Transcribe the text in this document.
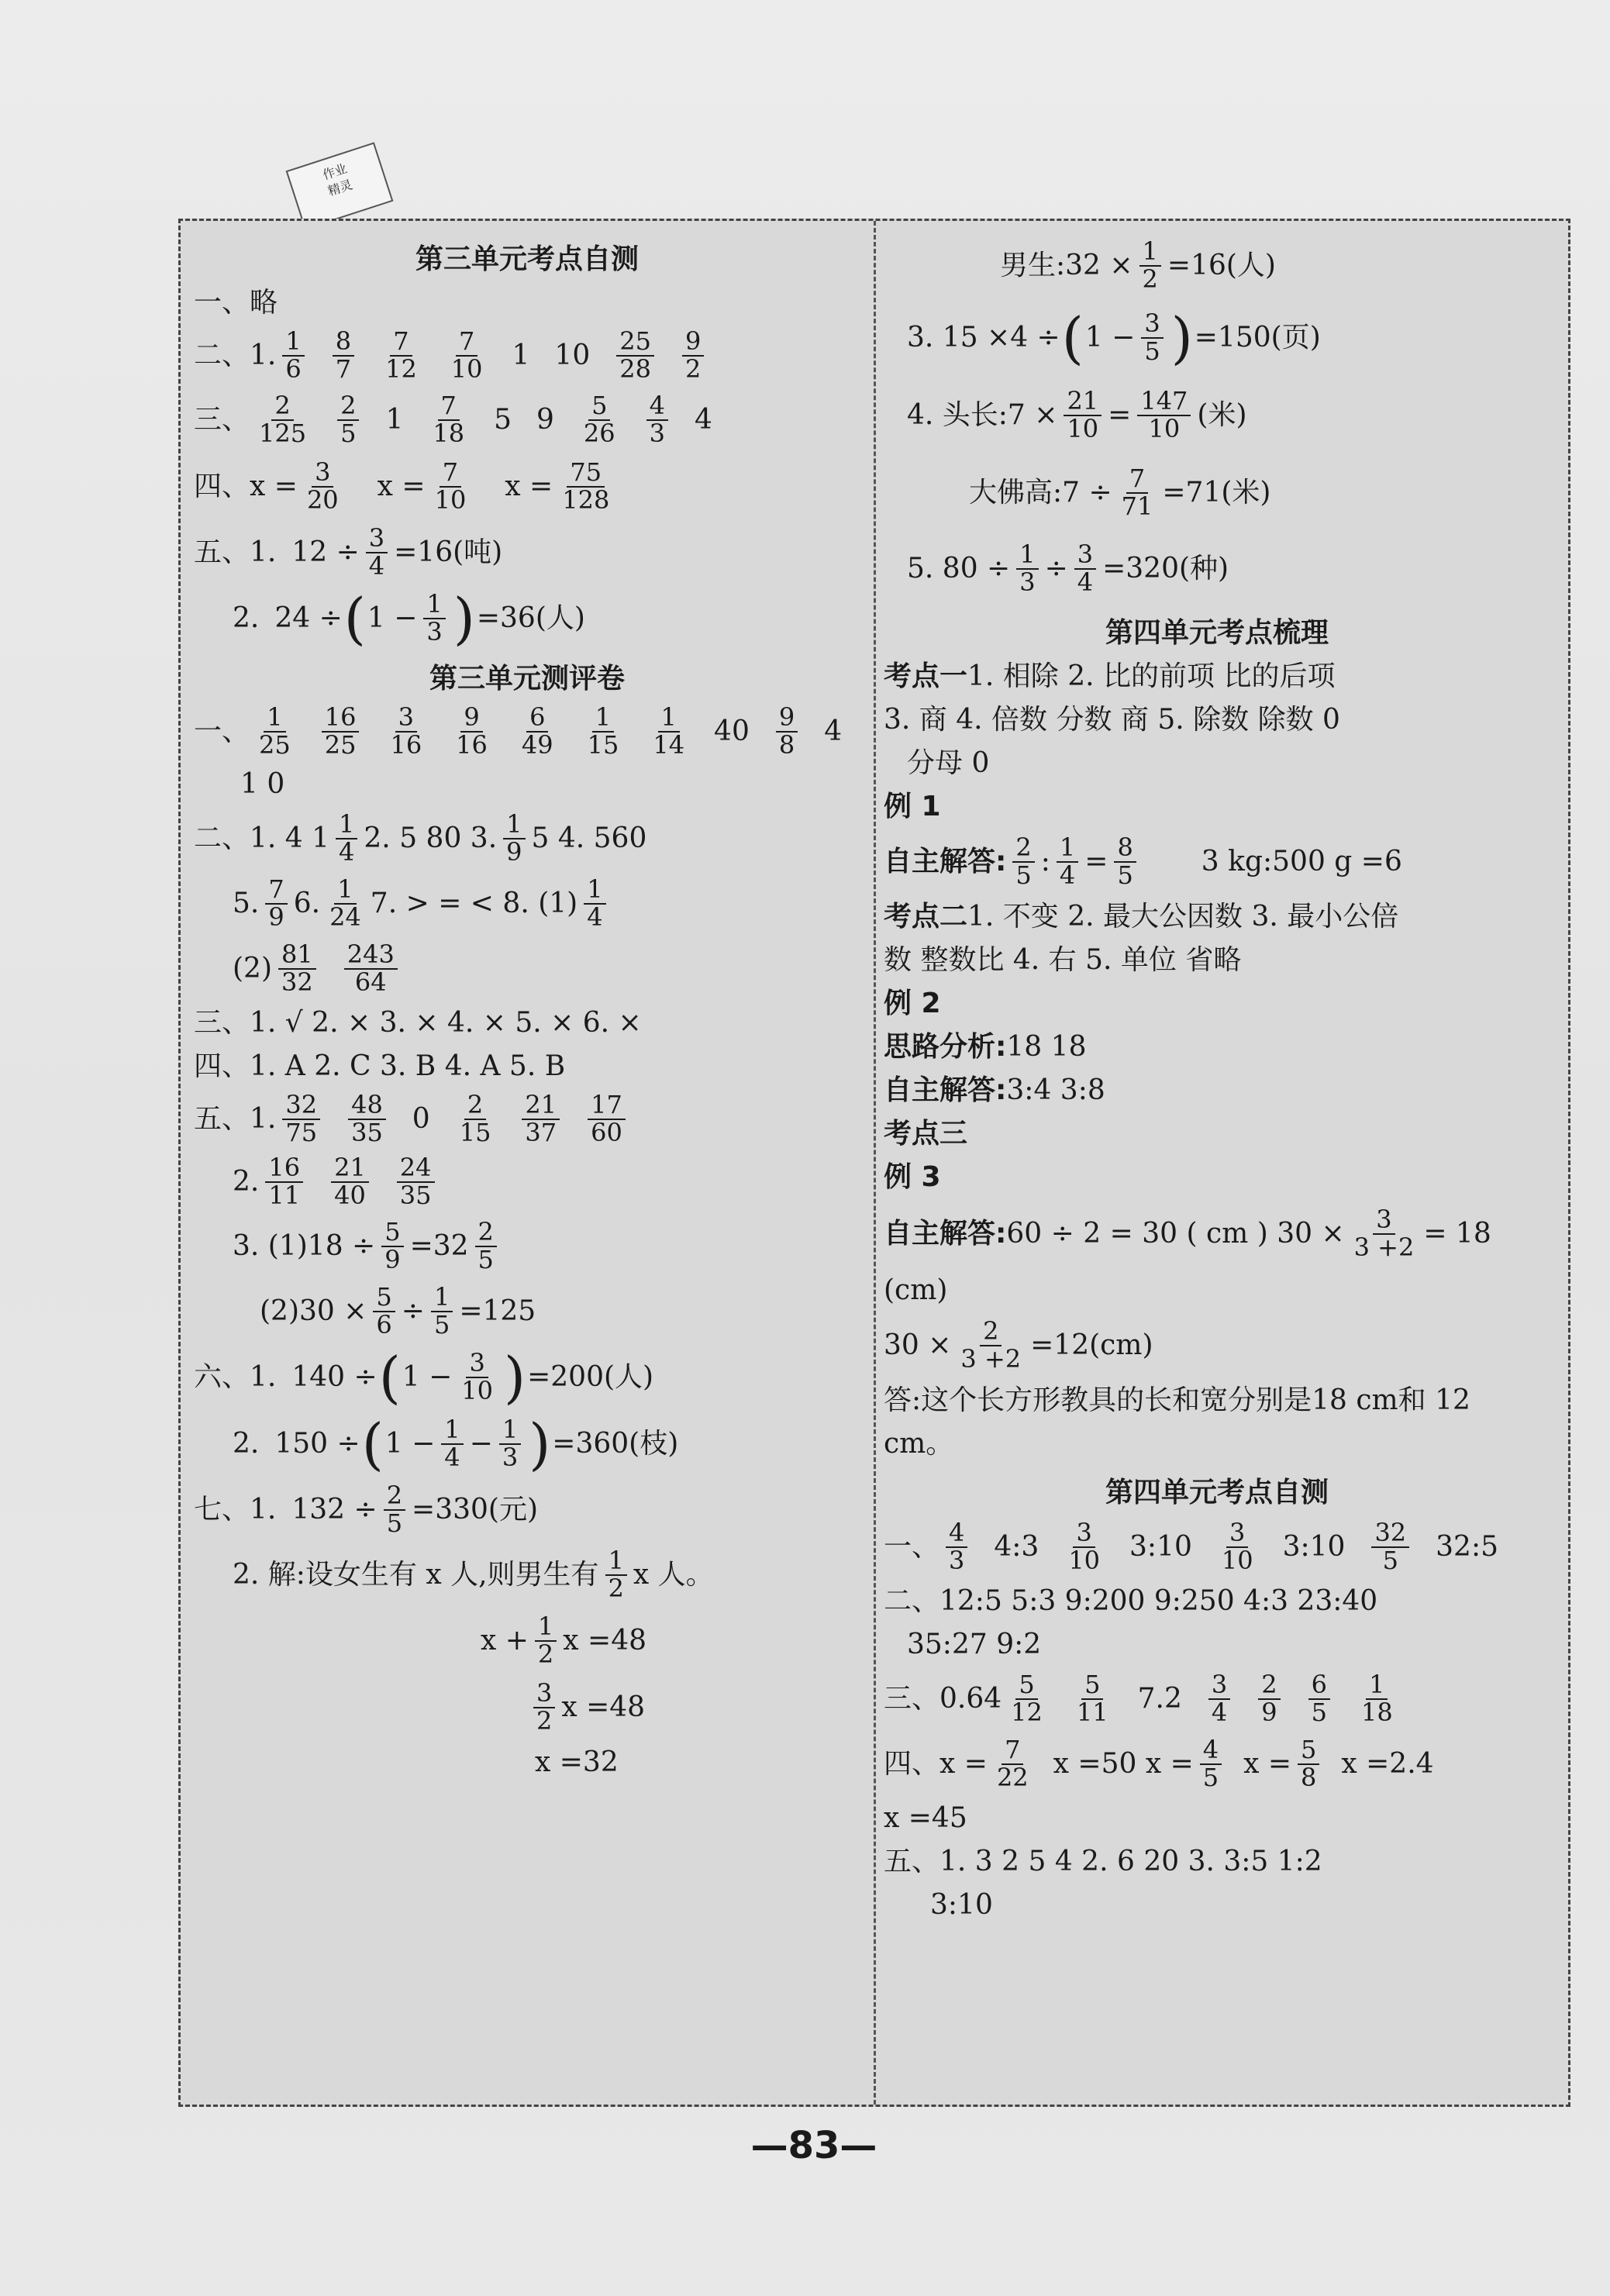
作业
精灵
第三单元考点自测
一、略
二、1. $\frac{1}{6} \frac{8}{7} \frac{7}{12} \frac{7}{10} 1$ $10 \frac{25}{28} \frac{9}{2}$
三、 $\frac{2}{125} \frac{2}{5} 1 \frac{7}{18} 5$ $9 \frac{5}{26} \frac{4}{3} 4$
四、 $x = \frac{3}{20}$ $x = \frac{7}{10}$ $x = \frac{75}{128}$
五、1. $12 \div \frac{3}{4} =16$(吨)
2. 24 ÷ ( $1 - \frac{1}{3}$ ) =36(人)
第三单元测评卷
一、 $\frac{1}{25} \frac{16}{25} \frac{3}{16} \frac{9}{16} \frac{6}{49} \frac{1}{15} \frac{1}{14} 40 \frac{9}{8} 4$
1 0
二、1. 4 $1 \frac{1}{4} 2$. 5 80 3. $\frac{1}{9} 5$ 4. 560
5. $\frac{7}{9} 6$. $\frac{1}{24} 7$. > = < 8. $(1) \frac{1}{4}$
$(2) \frac{81}{32} \frac{243}{64}$
三、1. √ 2. × 3. × 4. × 5. × 6. ×
四、1. A 2. C 3. B 4. A 5. B
五、1. $\frac{32}{75} \frac{48}{35} 0 \frac{2}{15} \frac{21}{37} \frac{17}{60}$
2. $\frac{16}{11} \frac{21}{40} \frac{24}{35}$
3. $(1)18 \div \frac{5}{9} =32 \frac{2}{5}$
$(2)30 \times \frac{5}{6} \div \frac{1}{5} =125$
六、1. 140 ÷ ( $1 - \frac{3}{10}$ ) =200(人)
2. 150 ÷ ( $1 - \frac{1}{4} - \frac{1}{3}$ ) =360(枝)
七、1. $132 \div \frac{2}{5} =330$(元)
2. 解:设女生有 x 人,则男生有 $\frac{1}{2}$ x 人。
$x + \frac{1}{2}$ x =48
$\frac{3}{2}$ x =48
x =32
男生:32 × $\frac{1}{2} =16$(人)
3. 15 ×4 ÷ ( $1 - \frac{3}{5}$ ) =150(页)
4. 头长:7 × $\frac{21}{10} = \frac{147}{10}$ (米)
大佛高:7 ÷ $\frac{7}{71} =71$(米)
5. $80 \div \frac{1}{3} \div \frac{3}{4} =320$(种)
第四单元考点梳理
考点一 1. 相除 2. 比的前项 比的后项
3. 商 4. 倍数 分数 商 5. 除数 除数 0
分母 0
例 1
自主解答: $\frac{2}{5}$ : $\frac{1}{4} = \frac{8}{5} 3$ kg:500 g =6
考点二 1. 不变 2. 最大公因数 3. 最小公倍
数 整数比 4. 右 5. 单位 省略
例 2
思路分析: 18 18
自主解答: 3:4 3:8
考点三
例 3
自主解答: 60 ÷ 2 = 30 ( cm ) $30 \times \frac{3}{3 +2} = 18$
(cm)
$30 \times \frac{2}{3 +2} =12(cm)$
答:这个长方形教具的长和宽分别是18 cm和 12
cm。
第四单元考点自测
一、 $\frac{4}{3}$ 4:3 $\frac{3}{10}$ 3:10 $\frac{3}{10}$ 3:10 $\frac{32}{5}$ 32:5
二、12:5 5:3 9:200 9:250 4:3 23:40
35:27 9:2
三、$0.64 \frac{5}{12} \frac{5}{11} 7.2 \frac{3}{4} \frac{2}{9} \frac{6}{5} \frac{1}{18}$
四、 $x = \frac{7}{22}$ x =50 $x = \frac{4}{5}$ $x = \frac{5}{8}$ x =2.4
x =45
五、1. 3 2 5 4 2. 6 20 3. 3:5 1:2
3:10
—83—
